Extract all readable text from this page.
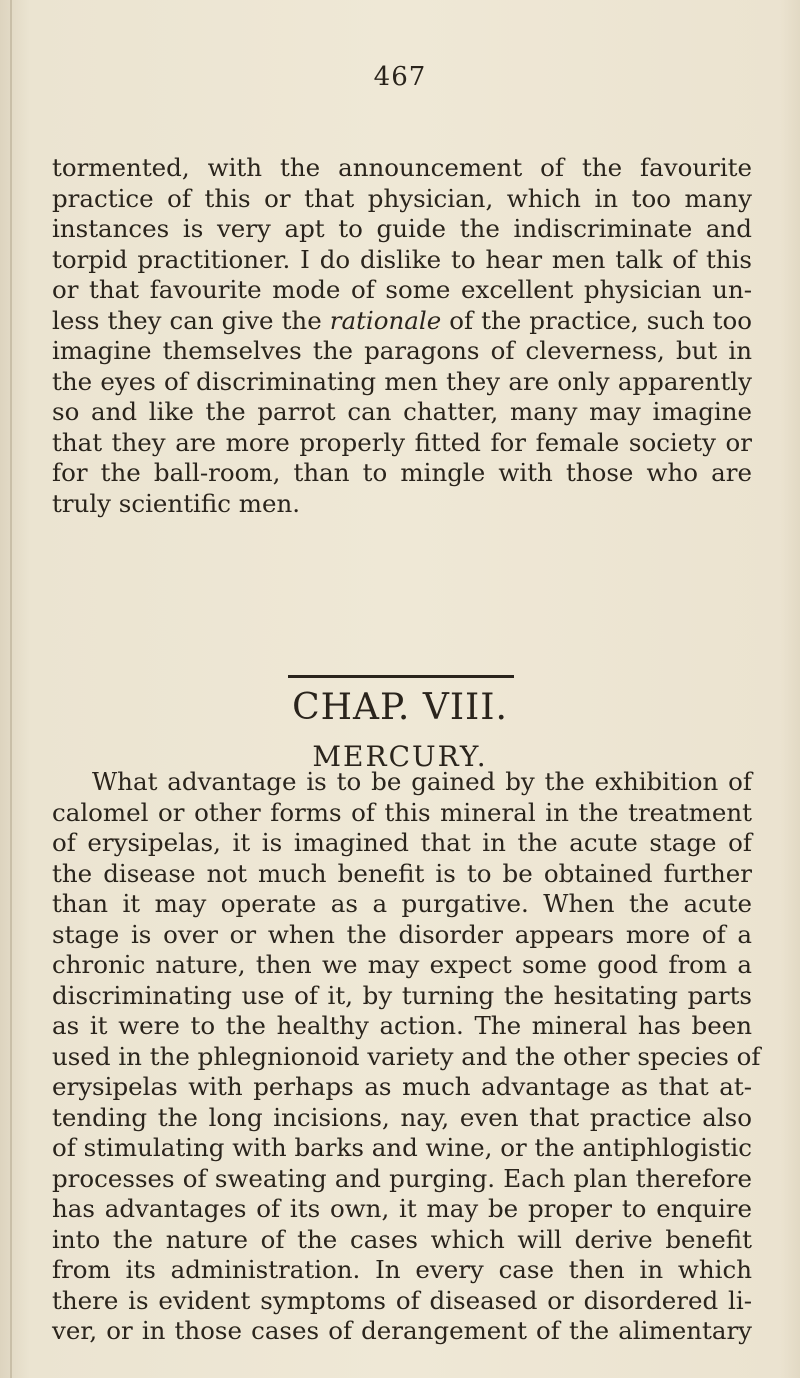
467
tormented, with the announcement of the favourite
practice of this or that physician, which in too many
instances is very apt to guide the indiscriminate and
torpid practitioner. I do dislike to hear men talk of this
or that favourite mode of some excellent physician un-
less they can give the rationale of the practice, such too
imagine themselves the paragons of cleverness, but in
the eyes of discriminating men they are only apparently
so and like the parrot can chatter, many may imagine
that they are more properly fitted for female society or
for the ball-room, than to mingle with those who are
truly scientific men.
CHAP. VIII.
MERCURY.
What advantage is to be gained by the exhibition of
calomel or other forms of this mineral in the treatment
of erysipelas, it is imagined that in the acute stage of
the disease not much benefit is to be obtained further
than it may operate as a purgative. When the acute
stage is over or when the disorder appears more of a
chronic nature, then we may expect some good from a
discriminating use of it, by turning the hesitating parts
as it were to the healthy action. The mineral has been
used in the phlegnionoid variety and the other species of
erysipelas with perhaps as much advantage as that at-
tending the long incisions, nay, even that practice also
of stimulating with barks and wine, or the antiphlogistic
processes of sweating and purging. Each plan therefore
has advantages of its own, it may be proper to enquire
into the nature of the cases which will derive benefit
from its administration. In every case then in which
there is evident symptoms of diseased or disordered li-
ver, or in those cases of derangement of the alimentary
